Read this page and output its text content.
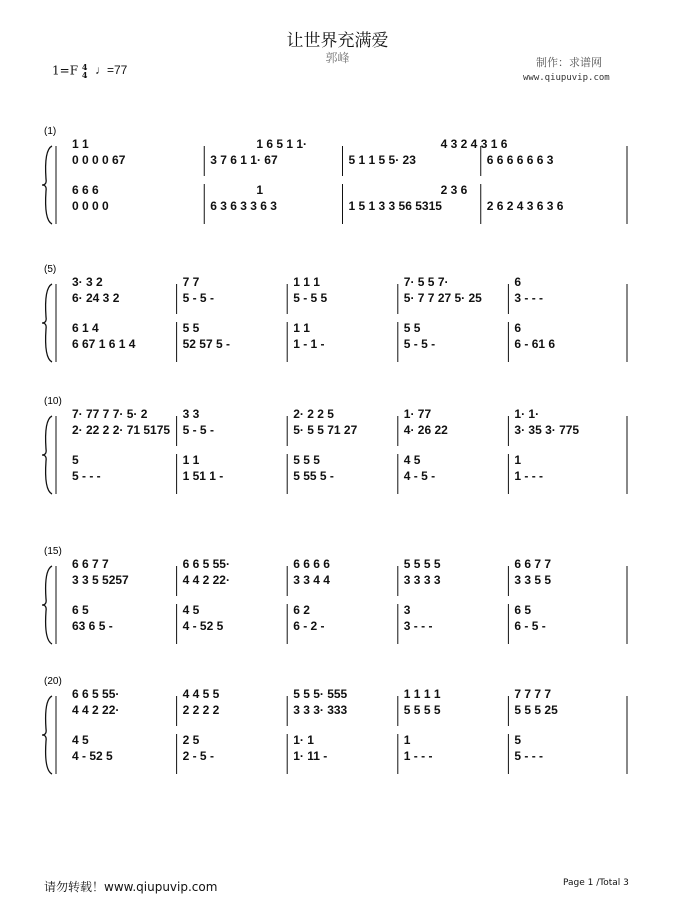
让世界充满爱
郭峰	制作：求谱网
www.qiupuvip.com
1=F 4
4 ♩=77
(1)
0 0 0 0 67	3 7 6 1 1· 67	5 1 1 5 5· 23	6 6 6 6 6 6 3
1 1	1 6 5 1 1·	4 3 2 4 3 1 6
0 0 0 0	6 3 6 3 3 6 3	1 5 1 3 3 56 5315	2 6 2 4 3 6 3 6
6 6 6	1	2 3 6
(5)
6· 24 3 2	5 - 5 -	5 - 5 5	5· 7 7 27 5· 25	3 - - -
3· 3 2	7 7	1 1 1	7· 5 5 7·	6
6 67 1 6 1 4	52 57 5 -	1 - 1 -	5 - 5 -	6 - 61 6
6 1 4	5 5	1 1	5 5	6
(10)
2· 22 2 2· 71 5175 5 - 5 -	5· 5 5 71 27	4· 26 22	3· 35 3· 775
7· 77 7 7· 5· 2	3 3	2· 2 2 5	1· 77	1· 1·
5 - - -	1 51 1 -	5 55 5 -	4 - 5 -	1 - - -
5	1 1	5 5 5	4 5	1
(15)
3 3 5 5257	4 4 2 22·	3 3 4 4	3 3 3 3	3 3 5 5
6 6 7 7	6 6 5 55·	6 6 6 6	5 5 5 5	6 6 7 7
63 6 5 -	4 - 52 5	6 - 2 -	3 - - -	6 - 5 -
6 5	4 5	6 2	3	6 5
(20)
4 4 2 22·	2 2 2 2	3 3 3· 333	5 5 5 5	5 5 5 25
6 6 5 55·	4 4 5 5	5 5 5· 555	1 1 1 1	7 7 7 7
4 - 52 5	2 - 5 -	1· 11 -	1 - - -	5 - - -
4 5	2 5	1· 1	1	5
请勿转载！www.qiupuvip.com	Page 1 /Total 3
